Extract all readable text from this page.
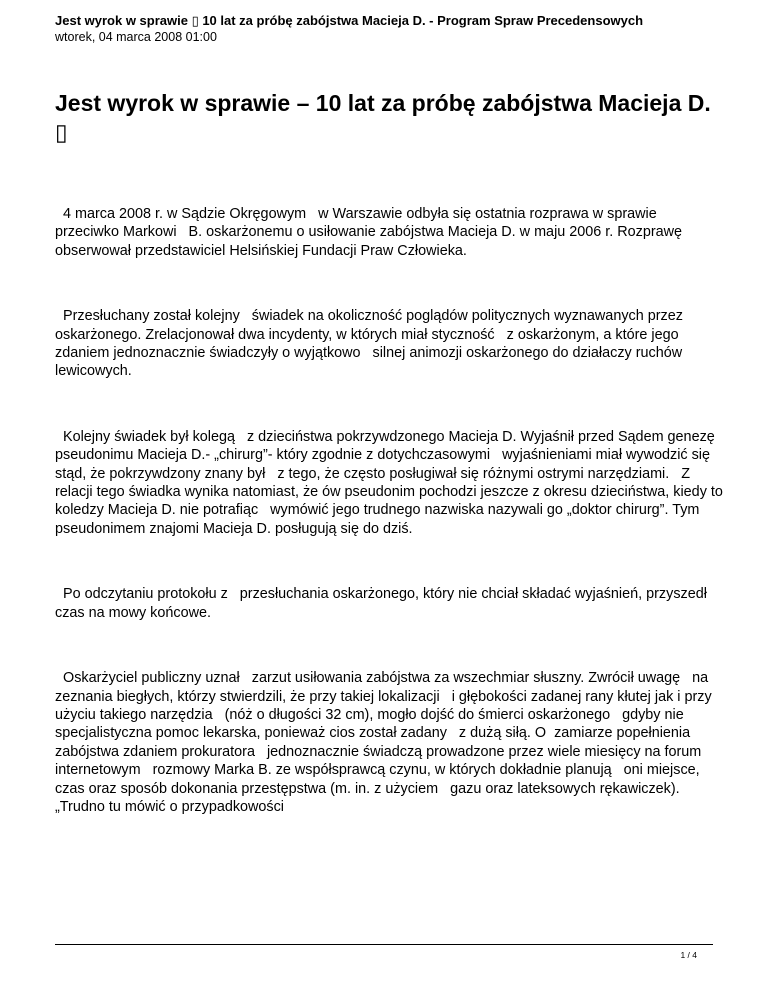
Jest wyrok w sprawie ▯ 10 lat za próbę zabójstwa Macieja D. - Program Spraw Precedensowych
wtorek, 04 marca 2008 01:00
Jest wyrok w sprawie – 10 lat za próbę zabójstwa Macieja D. ▯

4 marca 2008 r. w Sądzie Okręgowym   w Warszawie odbyła się ostatnia rozprawa w sprawie przeciwko Markowi   B. oskarżonemu o usiłowanie zabójstwa Macieja D. w maju 2006 r. Rozprawę   obserwował przedstawiciel Helsińskiej Fundacji Praw Człowieka.

Przesłuchany został kolejny   świadek na okoliczność poglądów politycznych wyznawanych przez   oskarżonego. Zrelacjonował dwa incydenty, w których miał styczność   z oskarżonym, a które jego zdaniem jednoznacznie świadczyły o wyjątkowo   silnej animozji oskarżonego do działaczy ruchów lewicowych.

Kolejny świadek był kolegą   z dzieciństwa pokrzywdzonego Macieja D. Wyjaśnił przed Sądem genezę   pseudonimu Macieja D.- „chirurg”- który zgodnie z dotychczasowymi   wyjaśnieniami miał wywodzić się stąd, że pokrzywdzony znany był   z tego, że często posługiwał się różnymi ostrymi narzędziami.   Z relacji tego świadka wynika natomiast, że ów pseudonim pochodzi jeszcze z okresu dzieciństwa, kiedy to koledzy Macieja D. nie potrafiąc   wymówić jego trudnego nazwiska nazywali go „doktor chirurg”. Tym   pseudonimem znajomi Macieja D. posługują się do dziś.

Po odczytaniu protokołu z   przesłuchania oskarżonego, który nie chciał składać wyjaśnień, przyszedł czas na mowy końcowe.

Oskarżyciel publiczny uznał   zarzut usiłowania zabójstwa za wszechmiar słuszny. Zwrócił uwagę   na zeznania biegłych, którzy stwierdzili, że przy takiej lokalizacji   i głębokości zadanej rany kłutej jak i przy użyciu takiego narzędzia   (nóż o długości 32 cm), mogło dojść do śmierci oskarżonego   gdyby nie specjalistyczna pomoc lekarska, ponieważ cios został zadany   z dużą siłą. O  zamiarze popełnienia zabójstwa zdaniem prokuratora   jednoznacznie świadczą prowadzone przez wiele miesięcy na forum internetowym   rozmowy Marka B. ze współsprawcą czynu, w których dokładnie planują   oni miejsce, czas oraz sposób dokonania przestępstwa (m. in. z użyciem   gazu oraz lateksowych rękawiczek). „Trudno tu mówić o przypadkowości

1 / 4
